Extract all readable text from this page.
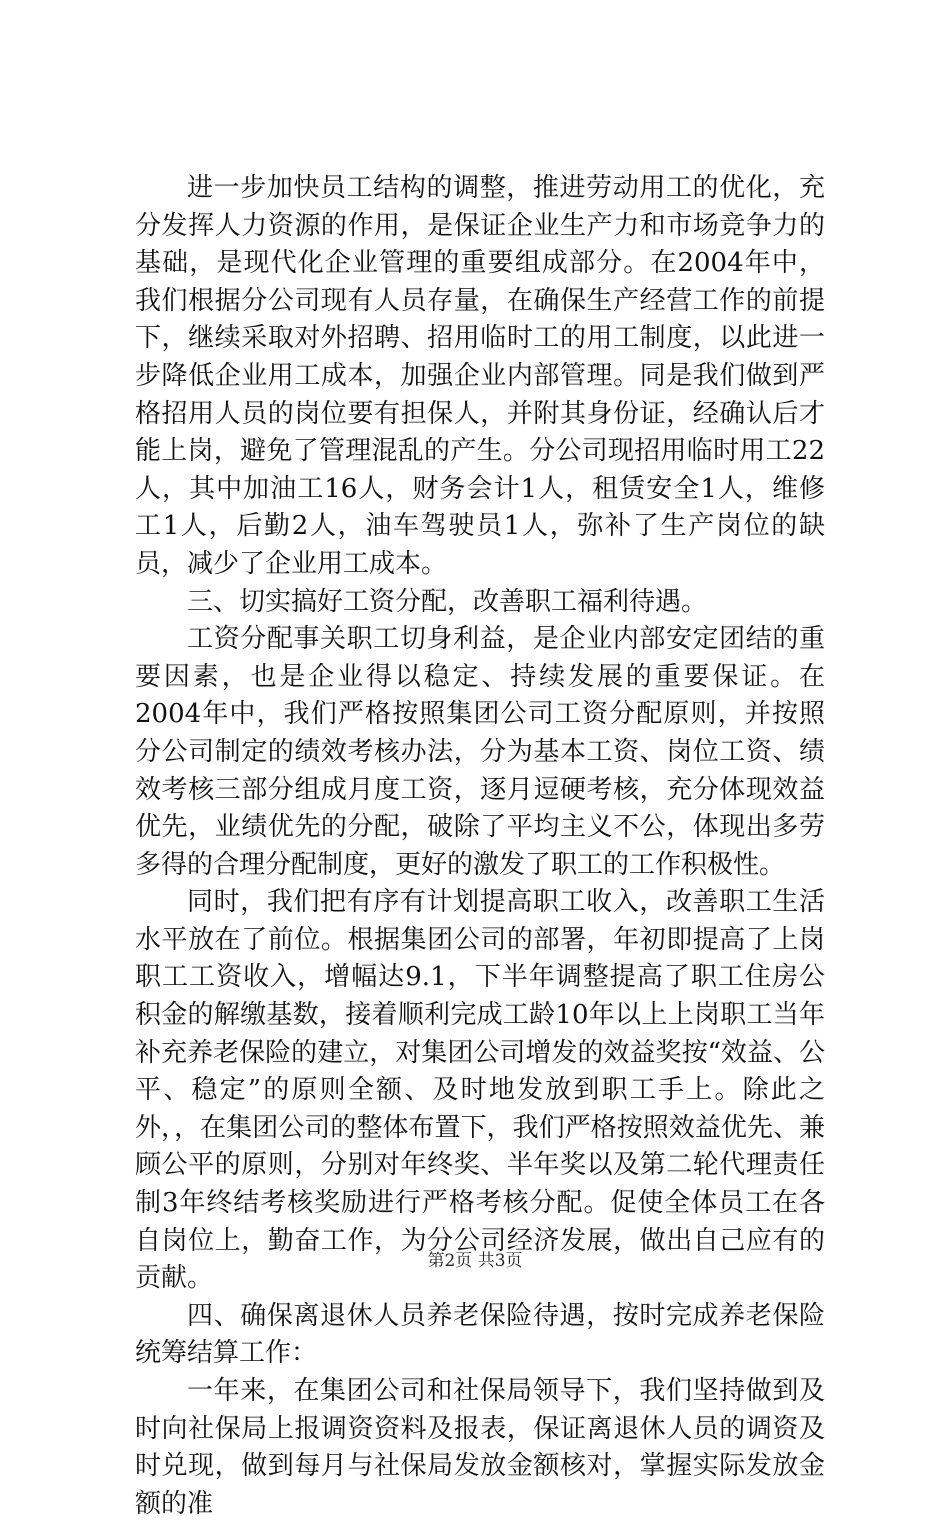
进一步加快员工结构的调整，推进劳动用工的优化，充分发挥人力资源的作用，是保证企业生产力和市场竞争力的基础，是现代化企业管理的重要组成部分。在2004年中，我们根据分公司现有人员存量，在确保生产经营工作的前提下，继续采取对外招聘、招用临时工的用工制度，以此进一步降低企业用工成本，加强企业内部管理。同是我们做到严格招用人员的岗位要有担保人，并附其身份证，经确认后才能上岗，避免了管理混乱的产生。分公司现招用临时用工22人，其中加油工16人，财务会计1人，租赁安全1人，维修工1人，后勤2人，油车驾驶员1人，弥补了生产岗位的缺员，减少了企业用工成本。

三、切实搞好工资分配，改善职工福利待遇。

工资分配事关职工切身利益，是企业内部安定团结的重要因素，也是企业得以稳定、持续发展的重要保证。在2004年中，我们严格按照集团公司工资分配原则，并按照分公司制定的绩效考核办法，分为基本工资、岗位工资、绩效考核三部分组成月度工资，逐月逗硬考核，充分体现效益优先，业绩优先的分配，破除了平均主义不公，体现出多劳多得的合理分配制度，更好的激发了职工的工作积极性。

同时，我们把有序有计划提高职工收入，改善职工生活水平放在了前位。根据集团公司的部署，年初即提高了上岗职工工资收入，增幅达9.1，下半年调整提高了职工住房公积金的解缴基数，接着顺利完成工龄10年以上上岗职工当年补充养老保险的建立，对集团公司增发的效益奖按“效益、公平、稳定”的原则全额、及时地发放到职工手上。除此之外，，在集团公司的整体布置下，我们严格按照效益优先、兼顾公平的原则，分别对年终奖、半年奖以及第二轮代理责任制3年终结考核奖励进行严格考核分配。促使全体员工在各自岗位上，勤奋工作，为分公司经济发展，做出自己应有的贡献。

四、确保离退休人员养老保险待遇，按时完成养老保险统筹结算工作：

一年来，在集团公司和社保局领导下，我们坚持做到及时向社保局上报调资资料及报表，保证离退休人员的调资及时兑现，做到每月与社保局发放金额核对，掌握实际发放金额的准

第2页 共3页
